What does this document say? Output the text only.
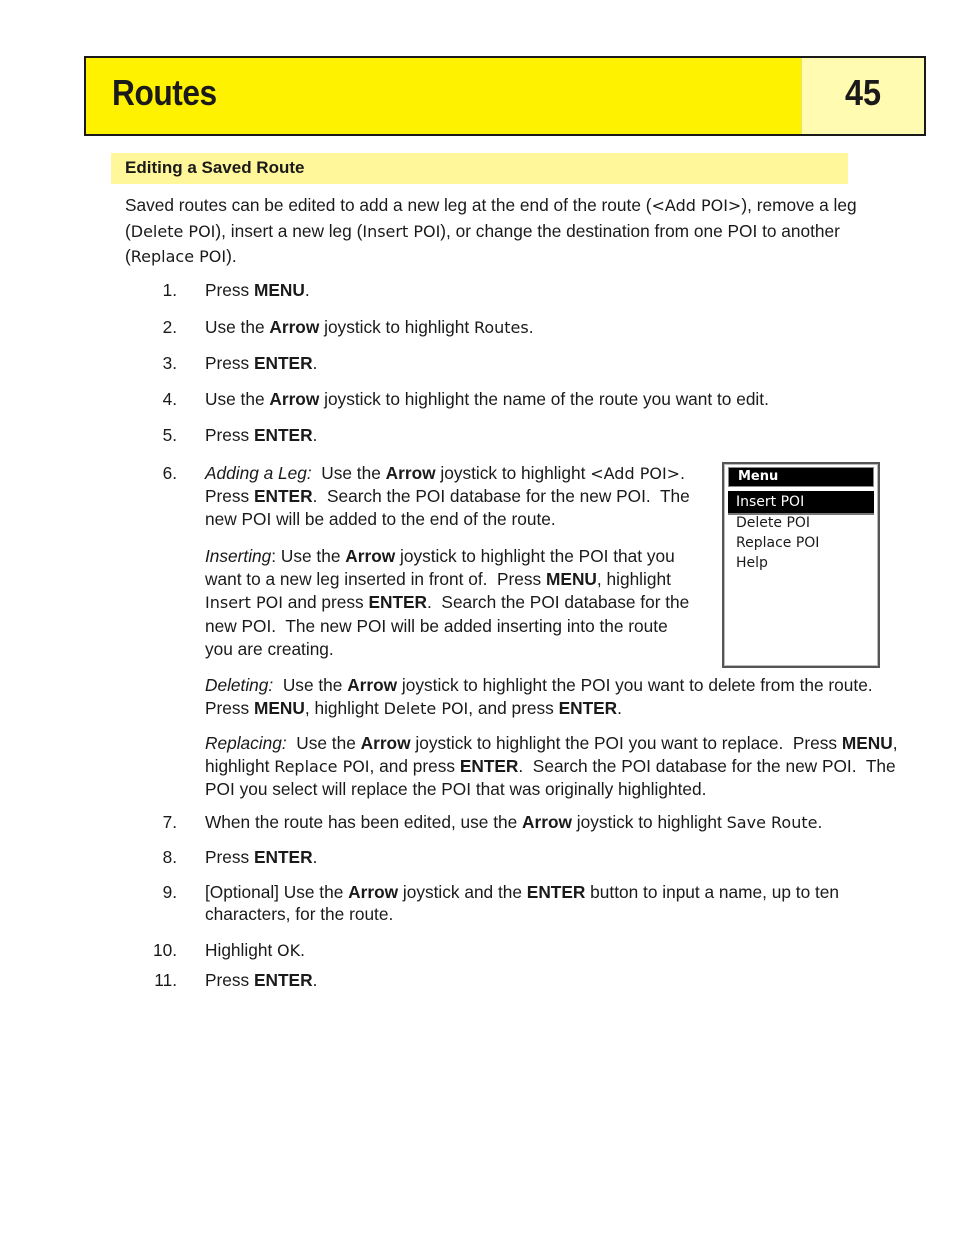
Routes	45
Editing a Saved Route
Saved routes can be edited to add a new leg at the end of the route (<Add POI>), remove a leg (Delete POI), insert a new leg (Insert POI), or change the destination from one POI to another (Replace POI).
1. Press MENU.
2. Use the Arrow joystick to highlight Routes.
3. Press ENTER.
4. Use the Arrow joystick to highlight the name of the route you want to edit.
5. Press ENTER.
6. Adding a Leg:  Use the Arrow joystick to highlight <Add POI>.  Press ENTER.  Search the POI database for the new POI.  The new POI will be added to the end of the route.
Inserting: Use the Arrow joystick to highlight the POI that you want to a new leg inserted in front of.  Press MENU, highlight Insert POI and press ENTER.  Search the POI database for the new POI.  The new POI will be added inserting into the route you are creating.
Deleting:  Use the Arrow joystick to highlight the POI you want to delete from the route.  Press MENU, highlight Delete POI, and press ENTER.
Replacing:  Use the Arrow joystick to highlight the POI you want to replace.  Press MENU, highlight Replace POI, and press ENTER.  Search the POI database for the new POI.  The POI you select will replace the POI that was originally highlighted.
7. When the route has been edited, use the Arrow joystick to highlight Save Route.
8. Press ENTER.
9. [Optional] Use the Arrow joystick and the ENTER button to input a name, up to ten characters, for the route.
10. Highlight OK.
11. Press ENTER.
Menu
Insert POI
Delete POI
Replace POI
Help
